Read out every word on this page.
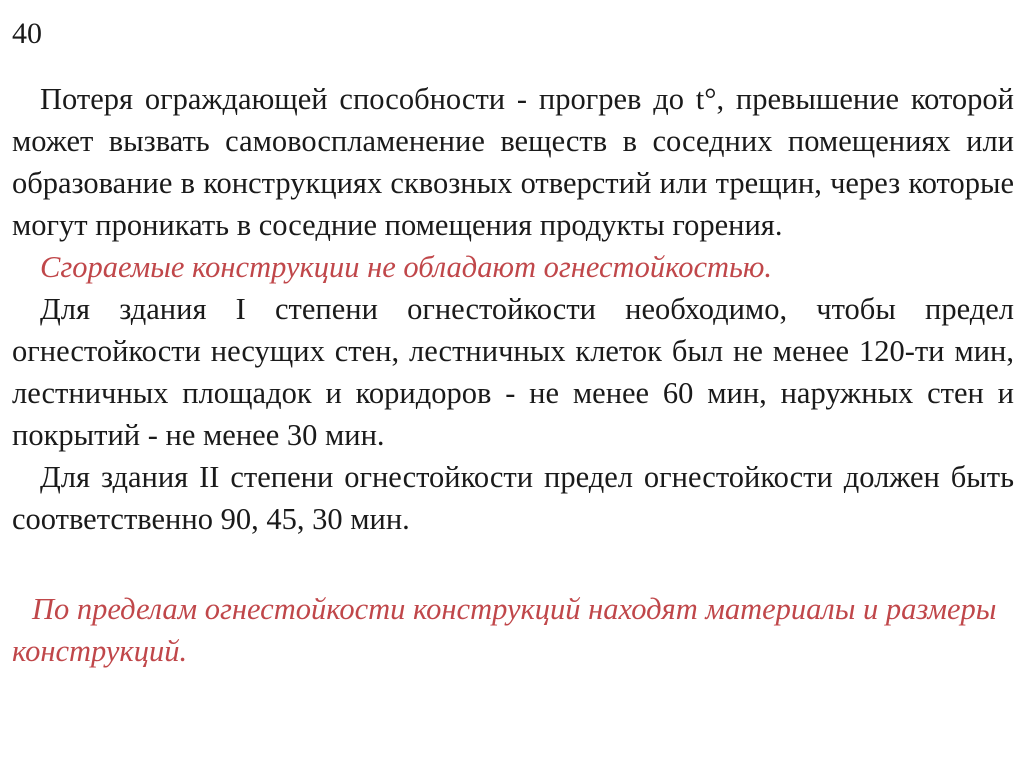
40

Потеря ограждающей способности - прогрев до t°, превышение которой может вызвать самовоспламенение веществ в соседних помещениях или образование в конструкциях сквозных отверстий или трещин, через которые могут проникать в соседние помещения продукты горения.

Сгораемые конструкции не обладают огнестойкостью.

Для здания I степени огнестойкости необходимо, чтобы предел огнестойкости несущих стен, лестничных клеток был не менее 120-ти мин, лестничных площадок и коридоров - не менее 60 мин, наружных стен и покрытий - не менее 30 мин.

Для здания II степени огнестойкости предел огнестойкости должен быть соответственно 90, 45, 30 мин.

По пределам огнестойкости конструкций находят материалы и размеры конструкций.
